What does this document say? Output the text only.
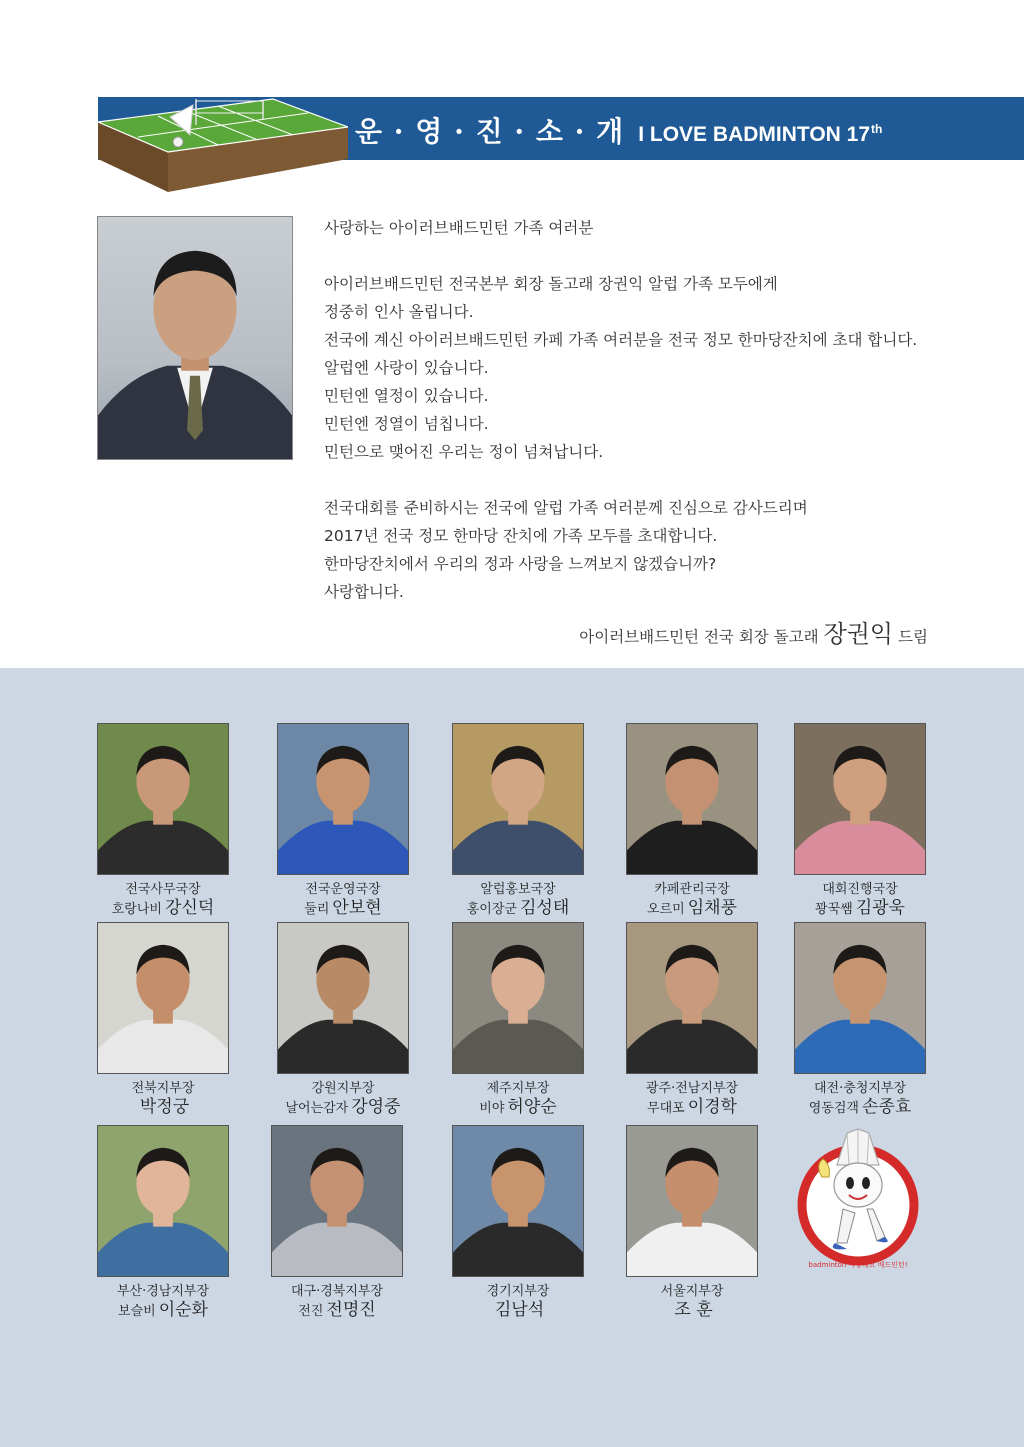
운 · 영 · 진 · 소 · 개 I LOVE BADMINTON 17th

사랑하는 아이러브배드민턴 가족 여러분

아이러브배드민턴 전국본부 회장 돌고래 장권익 알럽 가족 모두에게

정중히 인사 올립니다.

전국에 계신 아이러브배드민턴 카페 가족 여러분을 전국 정모 한마당잔치에 초대 합니다.

알럽엔 사랑이 있습니다.

민턴엔 열정이 있습니다.

민턴엔 정열이 넘칩니다.

민턴으로 맺어진 우리는 정이 넘쳐납니다.

전국대회를 준비하시는 전국에 알럽 가족 여러분께 진심으로 감사드리며

2017년 전국 정모 한마당 잔치에 가족 모두를 초대합니다.

한마당잔치에서 우리의 정과 사랑을 느껴보지 않겠습니까?

사랑합니다.

아이러브배드민턴 전국 회장 돌고래 장권익 드림
전국사무국장
호랑나비 강신덕
전국운영국장
둘리 안보현
알럽홍보국장
홍이장군 김성태
카페관리국장
오르미 임채풍
대회진행국장
꽝꾹쌤 김광욱
전북지부장
박정궁
강원지부장
날어는감자 강영중
제주지부장
비야 허양순
광주·전남지부장
무대포 이경학
대전·충청지부장
영동검객 손종효
부산·경남지부장
보슬비 이순화
대구·경북지부장
전진 전명진
경기지부장
김남석
서울지부장
조 훈
badminton 사랑해요 배드민턴!
